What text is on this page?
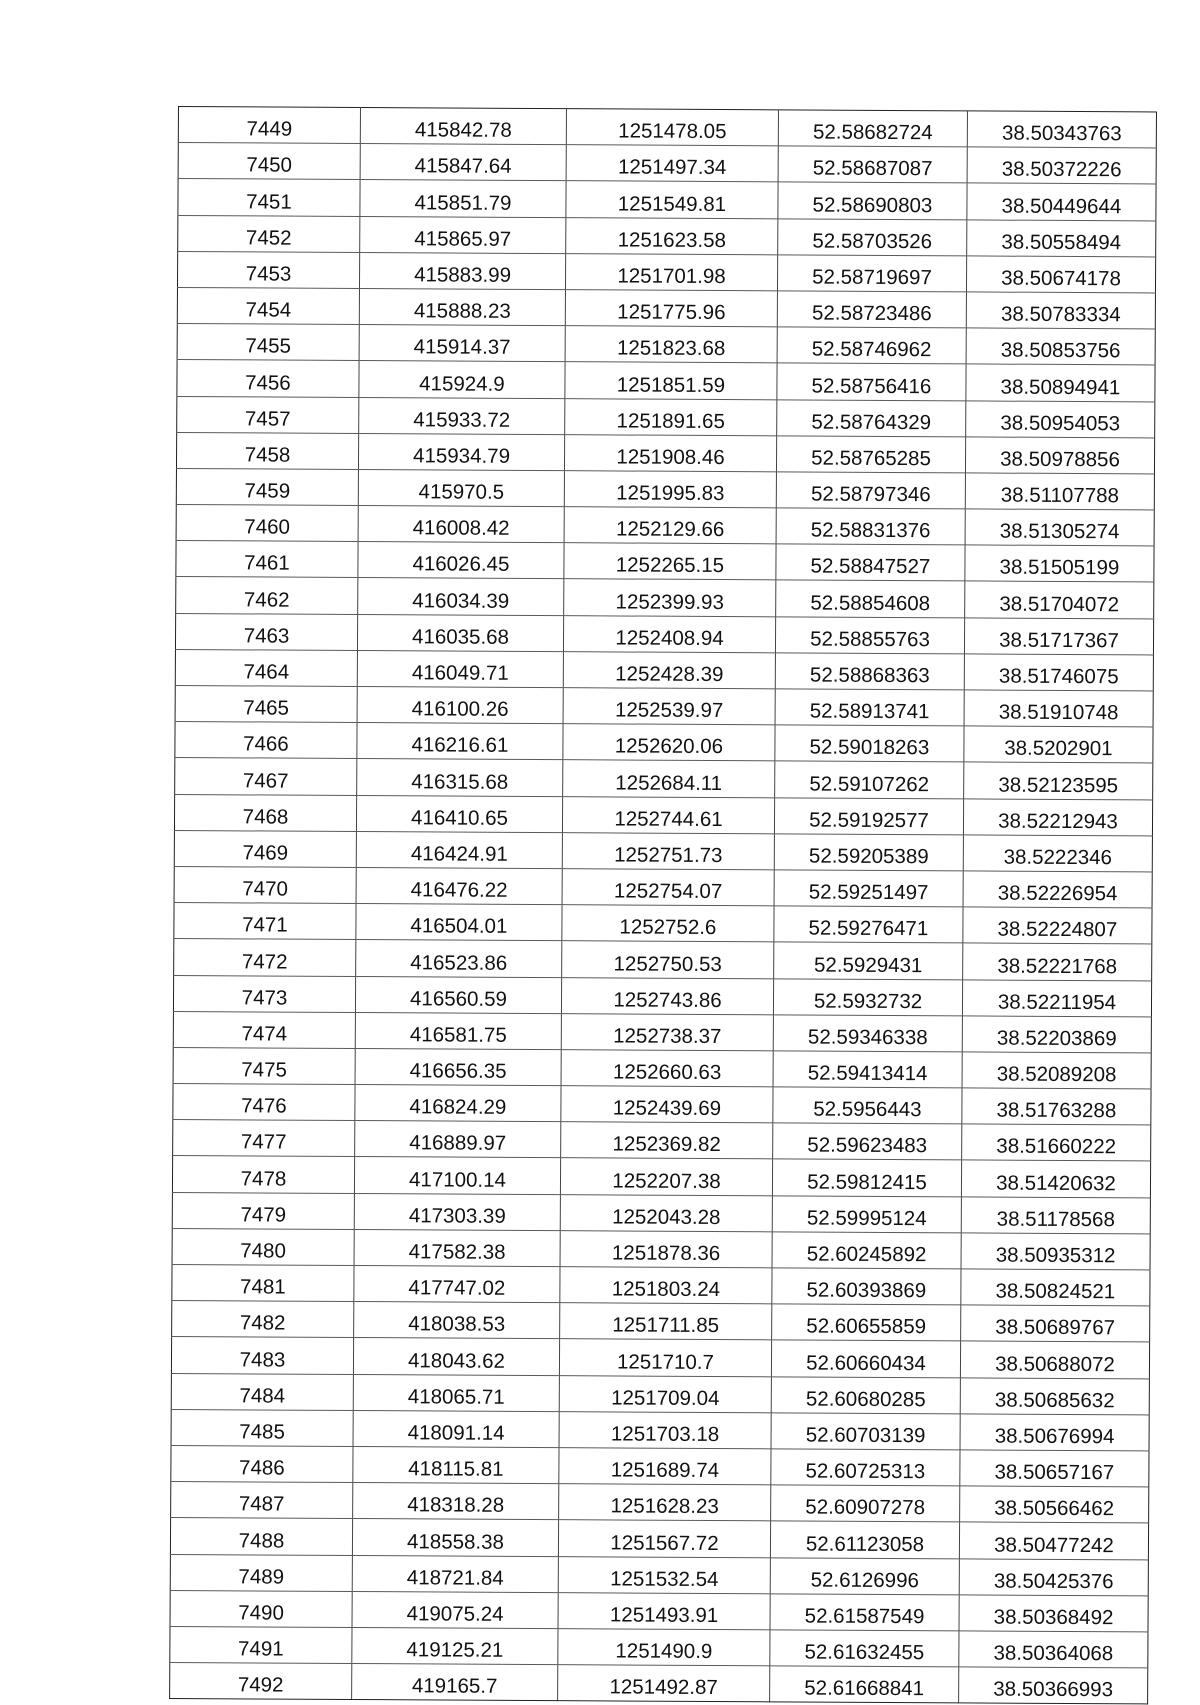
7449	415842.78	1251478.05	52.58682724	38.50343763
7450	415847.64	1251497.34	52.58687087	38.50372226
7451	415851.79	1251549.81	52.58690803	38.50449644
7452	415865.97	1251623.58	52.58703526	38.50558494
7453	415883.99	1251701.98	52.58719697	38.50674178
7454	415888.23	1251775.96	52.58723486	38.50783334
7455	415914.37	1251823.68	52.58746962	38.50853756
7456	415924.9	1251851.59	52.58756416	38.50894941
7457	415933.72	1251891.65	52.58764329	38.50954053
7458	415934.79	1251908.46	52.58765285	38.50978856
7459	415970.5	1251995.83	52.58797346	38.51107788
7460	416008.42	1252129.66	52.58831376	38.51305274
7461	416026.45	1252265.15	52.58847527	38.51505199
7462	416034.39	1252399.93	52.58854608	38.51704072
7463	416035.68	1252408.94	52.58855763	38.51717367
7464	416049.71	1252428.39	52.58868363	38.51746075
7465	416100.26	1252539.97	52.58913741	38.51910748
7466	416216.61	1252620.06	52.59018263	38.5202901
7467	416315.68	1252684.11	52.59107262	38.52123595
7468	416410.65	1252744.61	52.59192577	38.52212943
7469	416424.91	1252751.73	52.59205389	38.5222346
7470	416476.22	1252754.07	52.59251497	38.52226954
7471	416504.01	1252752.6	52.59276471	38.52224807
7472	416523.86	1252750.53	52.5929431	38.52221768
7473	416560.59	1252743.86	52.5932732	38.52211954
7474	416581.75	1252738.37	52.59346338	38.52203869
7475	416656.35	1252660.63	52.59413414	38.52089208
7476	416824.29	1252439.69	52.5956443	38.51763288
7477	416889.97	1252369.82	52.59623483	38.51660222
7478	417100.14	1252207.38	52.59812415	38.51420632
7479	417303.39	1252043.28	52.59995124	38.51178568
7480	417582.38	1251878.36	52.60245892	38.50935312
7481	417747.02	1251803.24	52.60393869	38.50824521
7482	418038.53	1251711.85	52.60655859	38.50689767
7483	418043.62	1251710.7	52.60660434	38.50688072
7484	418065.71	1251709.04	52.60680285	38.50685632
7485	418091.14	1251703.18	52.60703139	38.50676994
7486	418115.81	1251689.74	52.60725313	38.50657167
7487	418318.28	1251628.23	52.60907278	38.50566462
7488	418558.38	1251567.72	52.61123058	38.50477242
7489	418721.84	1251532.54	52.6126996	38.50425376
7490	419075.24	1251493.91	52.61587549	38.50368492
7491	419125.21	1251490.9	52.61632455	38.50364068
7492	419165.7	1251492.87	52.61668841	38.50366993
